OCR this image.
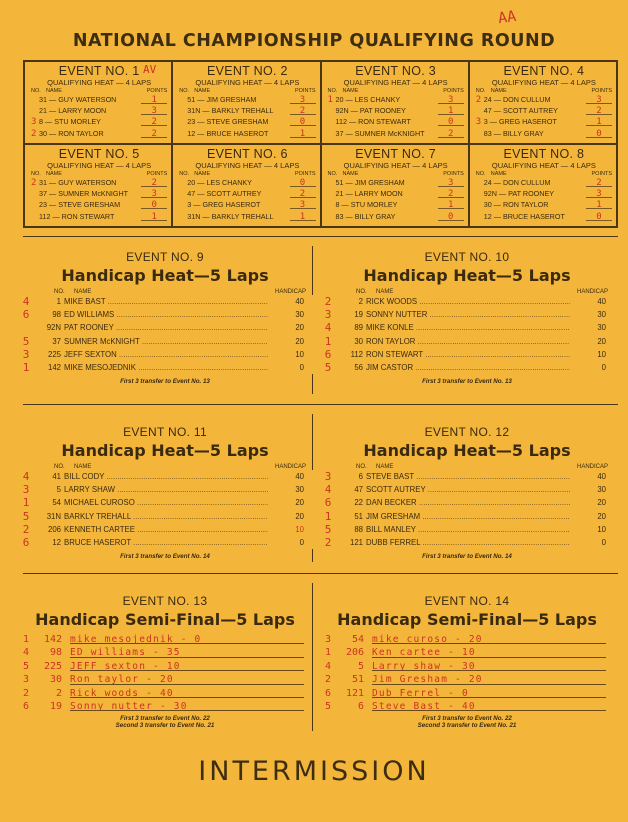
AA
NATIONAL CHAMPIONSHIP QUALIFYING ROUND
EVENT NO. 1 AV
QUALIFYING HEAT — 4 LAPS
NO. NAME	POINTS
31 — GUY WATERSON	1
21 — LARRY MOON	3
3 8 — STU MORLEY	2
2 30 — RON TAYLOR	2
EVENT NO. 2
QUALIFYING HEAT — 4 LAPS
NO. NAME	POINTS
51 — JIM GRESHAM	3
31N — BARKLY TREHALL	2
23 — STEVE GRESHAM	0
12 — BRUCE HASEROT	1
EVENT NO. 3
QUALIFYING HEAT — 4 LAPS
NO. NAME	POINTS
1 20 — LES CHANKY	3
92N — PAT ROONEY	1
112 — RON STEWART	0
37 — SUMNER McKNIGHT	2
EVENT NO. 4
QUALIFYING HEAT — 4 LAPS
NO. NAME	POINTS
2 24 — DON CULLUM	3
47 — SCOTT AUTREY	2
3 3 — GREG HASEROT	1
83 — BILLY GRAY	0
EVENT NO. 5
QUALIFYING HEAT — 4 LAPS
NO. NAME	POINTS
2 31 — GUY WATERSON	2
37 — SUMNER McKNIGHT	3
23 — STEVE GRESHAM	0
112 — RON STEWART	1
EVENT NO. 6
QUALIFYING HEAT — 4 LAPS
NO. NAME	POINTS
20 — LES CHANKY	0
47 — SCOTT AUTREY	2
3 — GREG HASEROT	3
31N — BARKLY TREHALL	1
EVENT NO. 7
QUALIFYING HEAT — 4 LAPS
NO. NAME	POINTS
51 — JIM GRESHAM	3
21 — LARRY MOON	2
8 — STU MORLEY	1
83 — BILLY GRAY	0
EVENT NO. 8
QUALIFYING HEAT — 4 LAPS
NO. NAME	POINTS
24 — DON CULLUM	2
92N — PAT ROONEY	3
30 — RON TAYLOR	1
12 — BRUCE HASEROT	0
EVENT NO. 9
Handicap Heat—5 Laps
NO.	NAME	HANDICAP
4	1 MIKE BAST .....	40
6	98 ED WILLIAMS .....	30
92N PAT ROONEY .....	20
5	37 SUMNER McKNIGHT .....	20
3	225 JEFF SEXTON .....	10
1	142 MIKE MESOJEDNIK .....	0
First 3 transfer to Event No. 13
EVENT NO. 10
Handicap Heat—5 Laps
NO.	NAME	HANDICAP
2	2 RICK WOODS .....	40
3	19 SONNY NUTTER .....	30
4	89 MIKE KONLE .....	30
1	30 RON TAYLOR .....	20
6	112 RON STEWART .....	10
5	56 JIM CASTOR .....	0
First 3 transfer to Event No. 13
EVENT NO. 11
Handicap Heat—5 Laps
NO.	NAME	HANDICAP
4	41 BILL CODY .....	40
3	5 LARRY SHAW .....	30
1	54 MICHAEL CUROSO .....	20
5	31N BARKLY TREHALL .....	20
2	206 KENNETH CARTEE .....	10
6	12 BRUCE HASEROT .....	0
First 3 transfer to Event No. 14
EVENT NO. 12
Handicap Heat—5 Laps
NO.	NAME	HANDICAP
3	6 STEVE BAST .....	40
4	47 SCOTT AUTREY .....	30
6	22 DAN BECKER .....	20
1	51 JIM GRESHAM .....	20
5	88 BILL MANLEY .....	10
2	121 DUBB FERREL .....	0
First 3 transfer to Event No. 14
EVENT NO. 13
Handicap Semi-Final—5 Laps
1	142 mike mesojednik - 0
4	98 ED williams - 35
5	225 JEFF sexton - 10
3	30 Ron taylor - 20
2	2 Rick woods - 40
6	19 Sonny nutter - 30
First 3 transfer to Event No. 22
Second 3 transfer to Event No. 21
EVENT NO. 14
Handicap Semi-Final—5 Laps
3	54 mike curoso - 20
1	206 Ken cartee - 10
4	5 Larry shaw - 30
2	51 Jim Gresham - 20
6	121 Dub Ferrel - 0
5	6 Steve Bast - 40
First 3 transfer to Event No. 22
Second 3 transfer to Event No. 21
INTERMISSION
